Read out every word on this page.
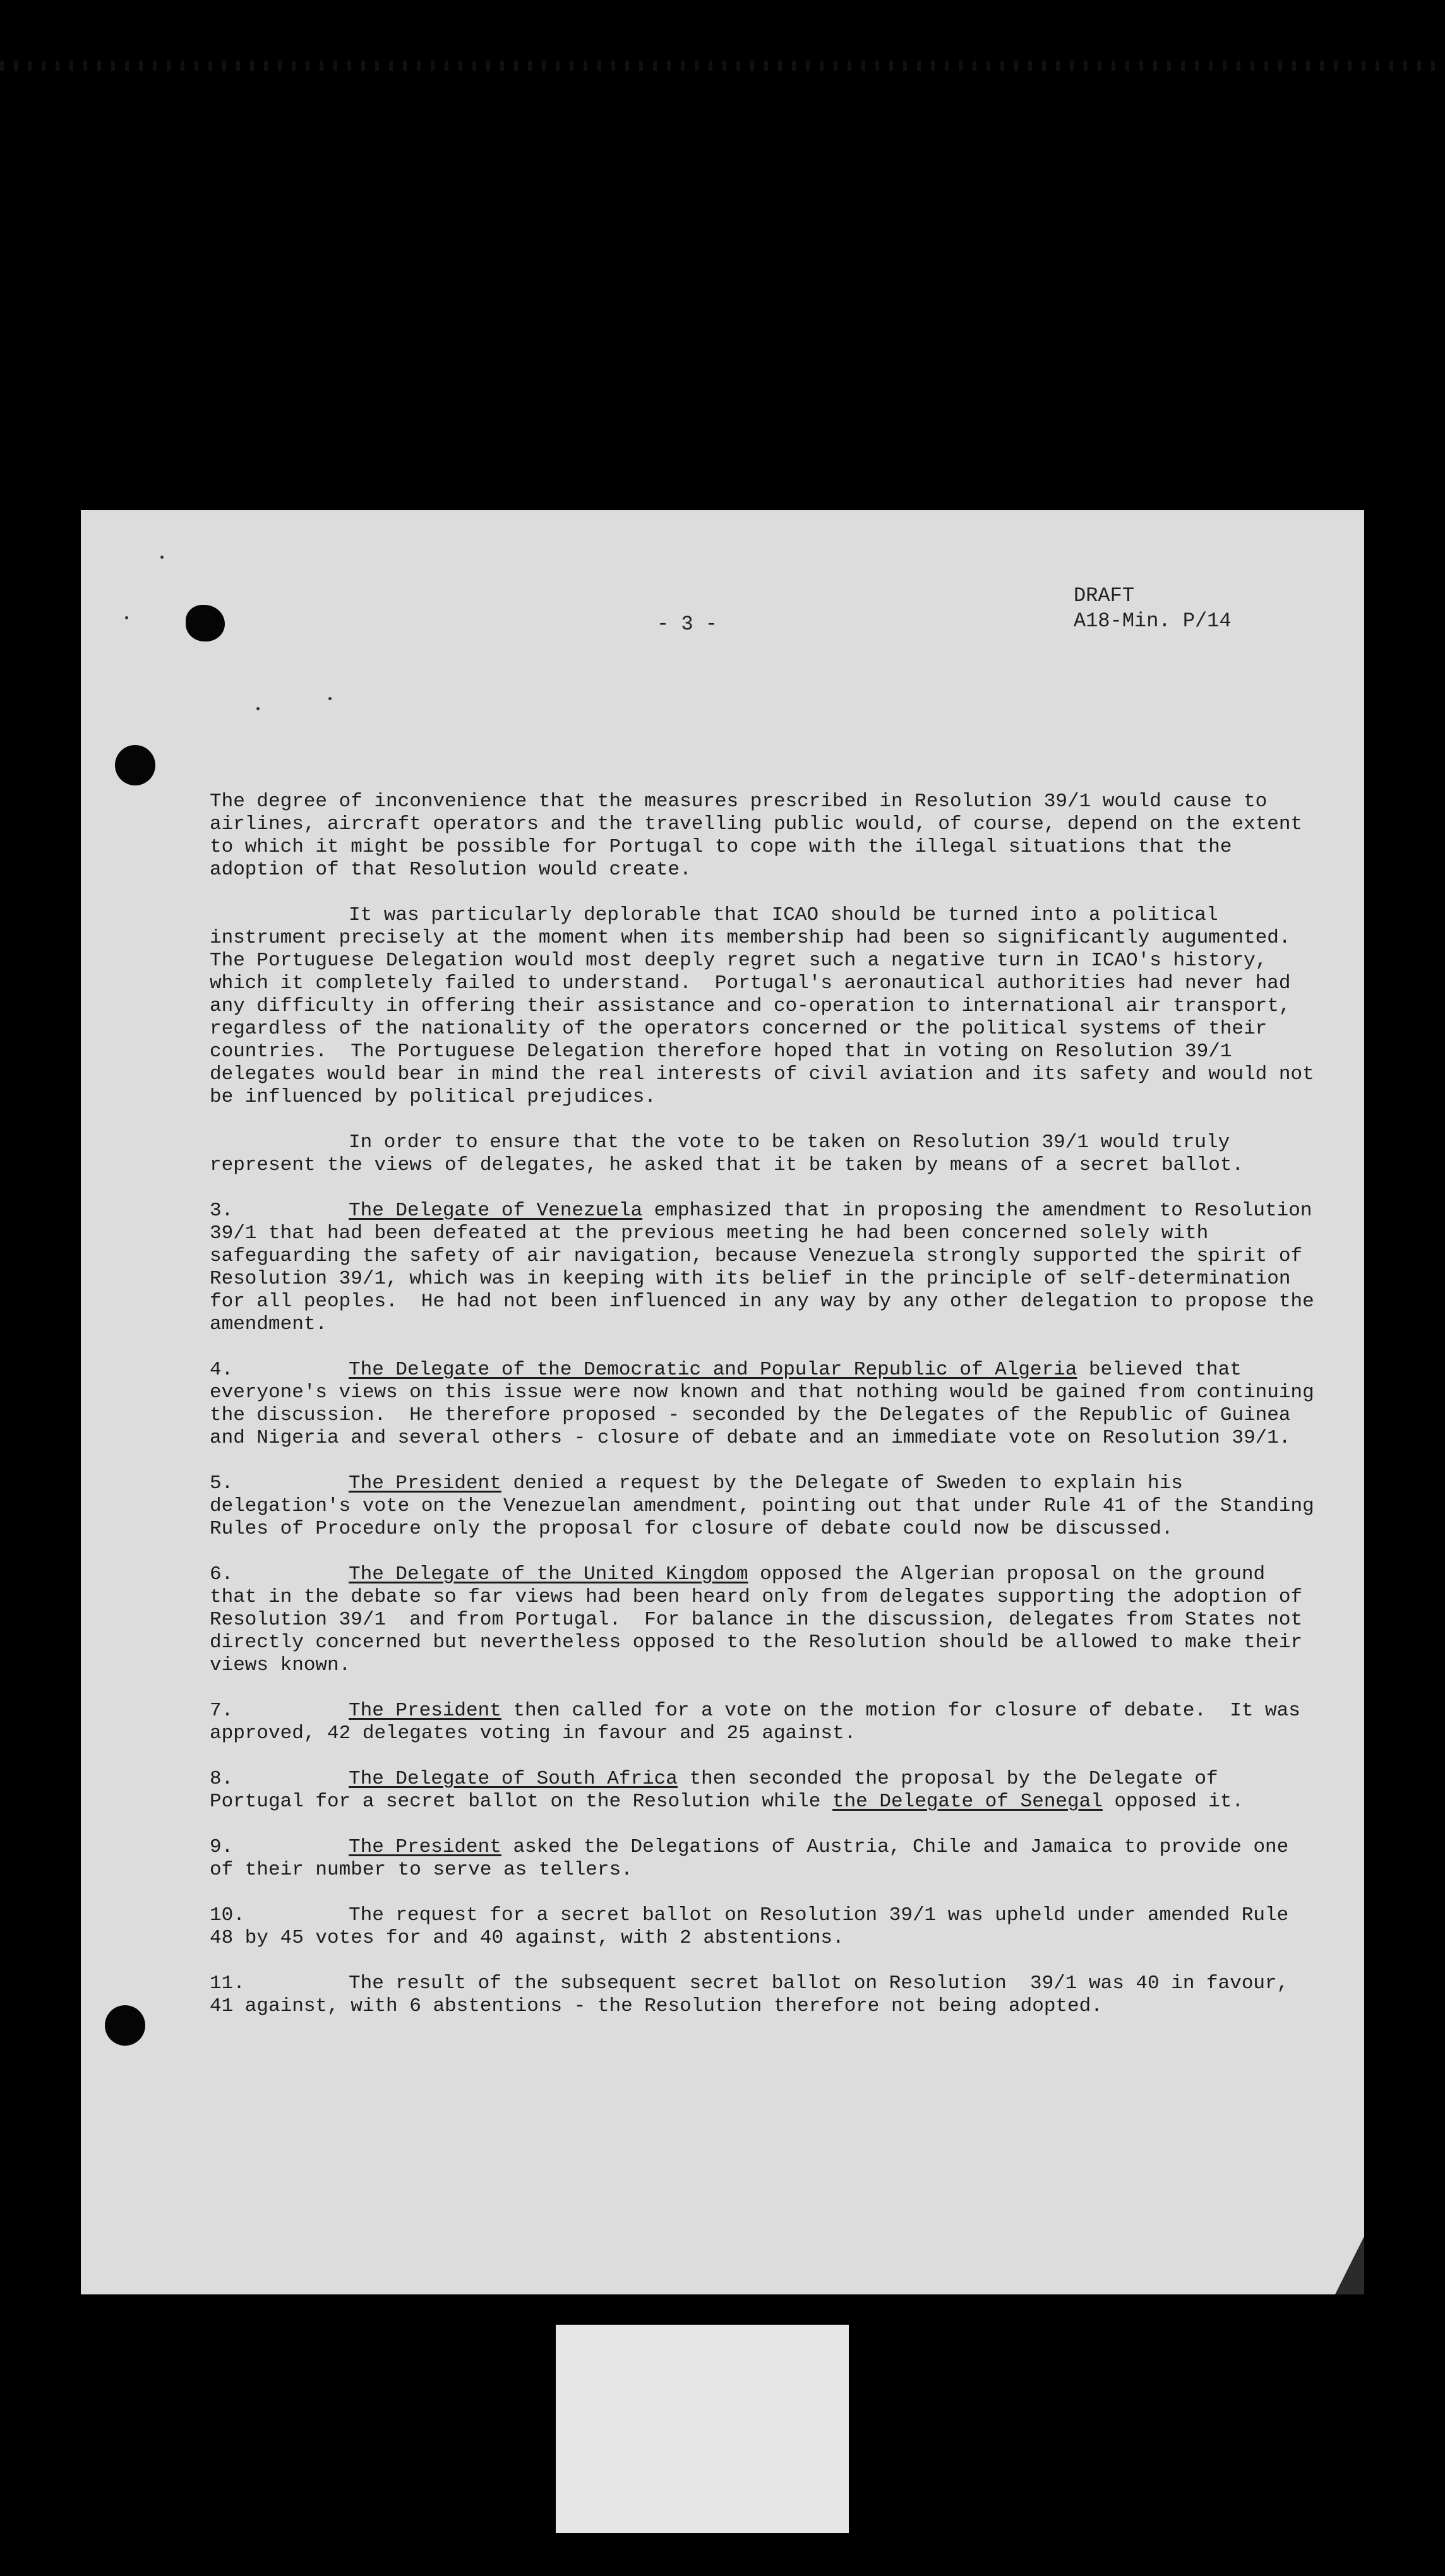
- 3 -
DRAFT
A18-Min. P/14

The degree of inconvenience that the measures prescribed in Resolution 39/1 would cause to airlines, aircraft operators and the travelling public would, of course, depend on the extent to which it might be possible for Portugal to cope with the illegal situations that the adoption of that Resolution would create.

It was particularly deplorable that ICAO should be turned into a political instrument precisely at the moment when its membership had been so significantly augumented. The Portuguese Delegation would most deeply regret such a negative turn in ICAO's history, which it completely failed to understand.  Portugal's aeronautical authorities had never had any difficulty in offering their assistance and co-operation to international air transport, regardless of the nationality of the operators concerned or the political systems of their countries.  The Portuguese Delegation therefore hoped that in voting on Resolution 39/1 delegates would bear in mind the real interests of civil aviation and its safety and would not be influenced by political prejudices.

In order to ensure that the vote to be taken on Resolution 39/1 would truly represent the views of delegates, he asked that it be taken by means of a secret ballot.

3.	The Delegate of Venezuela emphasized that in proposing the amendment to Resolution 39/1 that had been defeated at the previous meeting he had been concerned solely with safeguarding the safety of air navigation, because Venezuela strongly supported the spirit of Resolution 39/1, which was in keeping with its belief in the principle of self-determination for all peoples.  He had not been influenced in any way by any other delegation to propose the amendment.

4.	The Delegate of the Democratic and Popular Republic of Algeria believed that everyone's views on this issue were now known and that nothing would be gained from continuing the discussion.  He therefore proposed - seconded by the Delegates of the Republic of Guinea and Nigeria and several others - closure of debate and an immediate vote on Resolution 39/1.

5.	The President denied a request by the Delegate of Sweden to explain his delegation's vote on the Venezuelan amendment, pointing out that under Rule 41 of the Standing Rules of Procedure only the proposal for closure of debate could now be discussed.

6.	The Delegate of the United Kingdom opposed the Algerian proposal on the ground that in the debate so far views had been heard only from delegates supporting the adoption of Resolution 39/1  and from Portugal.  For balance in the discussion, delegates from States not directly concerned but nevertheless opposed to the Resolution should be allowed to make their views known.

7.	The President then called for a vote on the motion for closure of debate.  It was approved, 42 delegates voting in favour and 25 against.

8.	The Delegate of South Africa then seconded the proposal by the Delegate of Portugal for a secret ballot on the Resolution while the Delegate of Senegal opposed it.

9.	The President asked the Delegations of Austria, Chile and Jamaica to provide one of their number to serve as tellers.

10.	The request for a secret ballot on Resolution 39/1 was upheld under amended Rule 48 by 45 votes for and 40 against, with 2 abstentions.

11.	The result of the subsequent secret ballot on Resolution  39/1 was 40 in favour, 41 against, with 6 abstentions - the Resolution therefore not being adopted.
